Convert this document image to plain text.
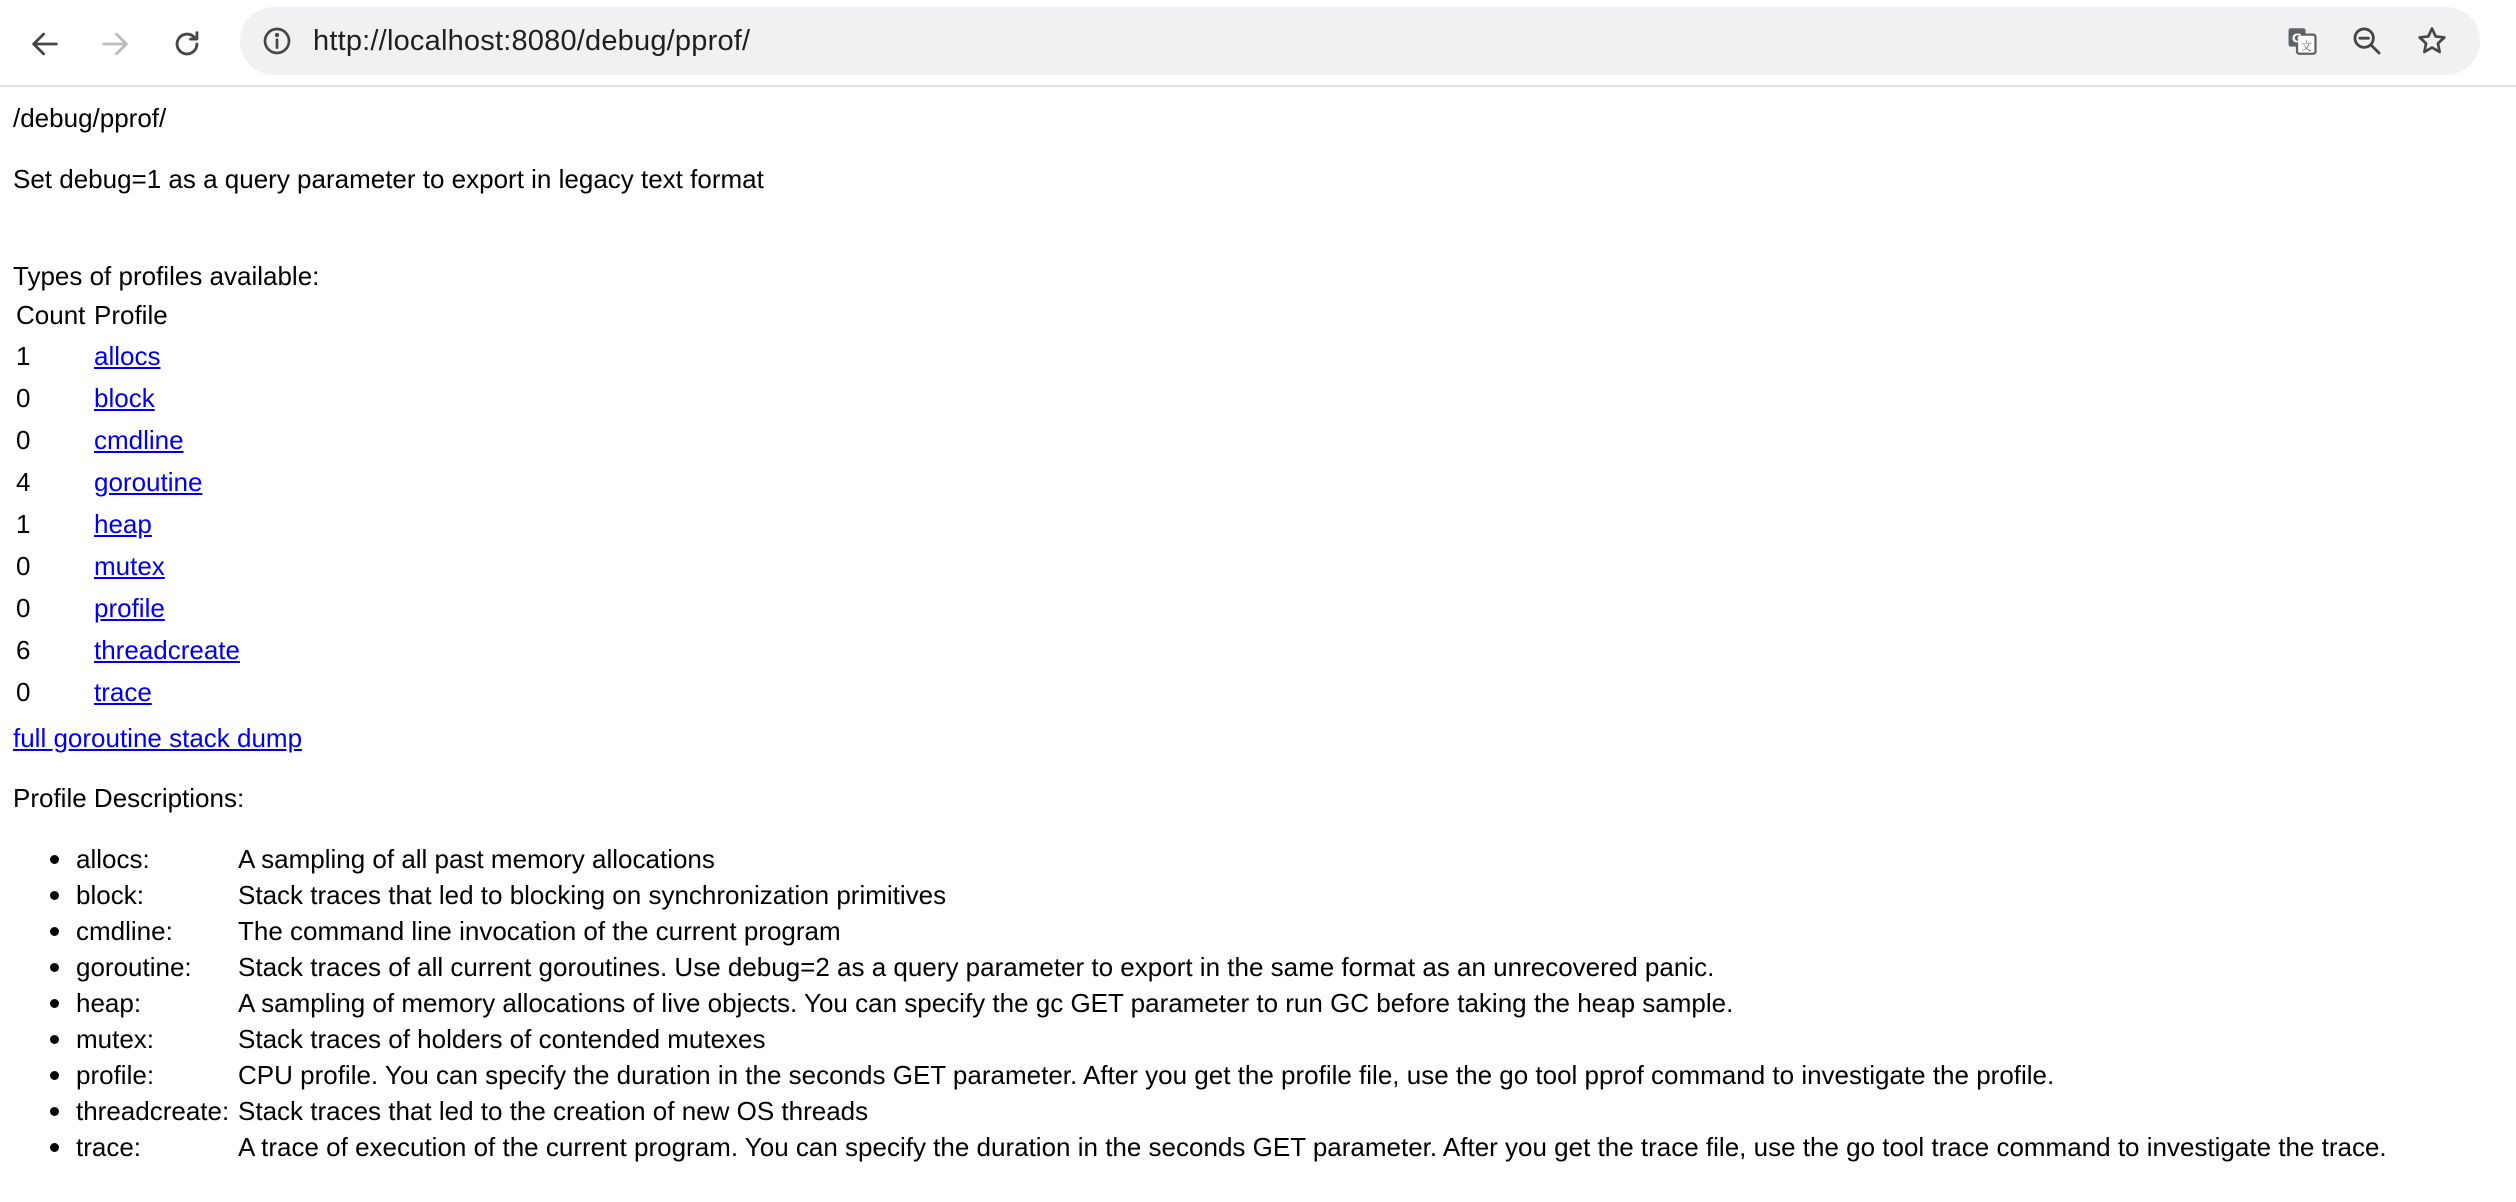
http://localhost:8080/debug/pprof/	G
文
/debug/pprof/
Set debug=1 as a query parameter to export in legacy text format
Types of profiles available:
Count	Profile
1	allocs
0	block
0	cmdline
4	goroutine
1	heap
0	mutex
0	profile
6	threadcreate
0	trace
full goroutine stack dump
Profile Descriptions:
allocs:	A sampling of all past memory allocations
block:	Stack traces that led to blocking on synchronization primitives
cmdline:	The command line invocation of the current program
goroutine: Stack traces of all current goroutines. Use debug=2 as a query parameter to export in the same format as an unrecovered panic.
heap:	A sampling of memory allocations of live objects. You can specify the gc GET parameter to run GC before taking the heap sample.
mutex:	Stack traces of holders of contended mutexes
profile:	CPU profile. You can specify the duration in the seconds GET parameter. After you get the profile file, use the go tool pprof command to investigate the profile.
threadcreate: Stack traces that led to the creation of new OS threads
trace:	A trace of execution of the current program. You can specify the duration in the seconds GET parameter. After you get the trace file, use the go tool trace command to investigate the trace.
